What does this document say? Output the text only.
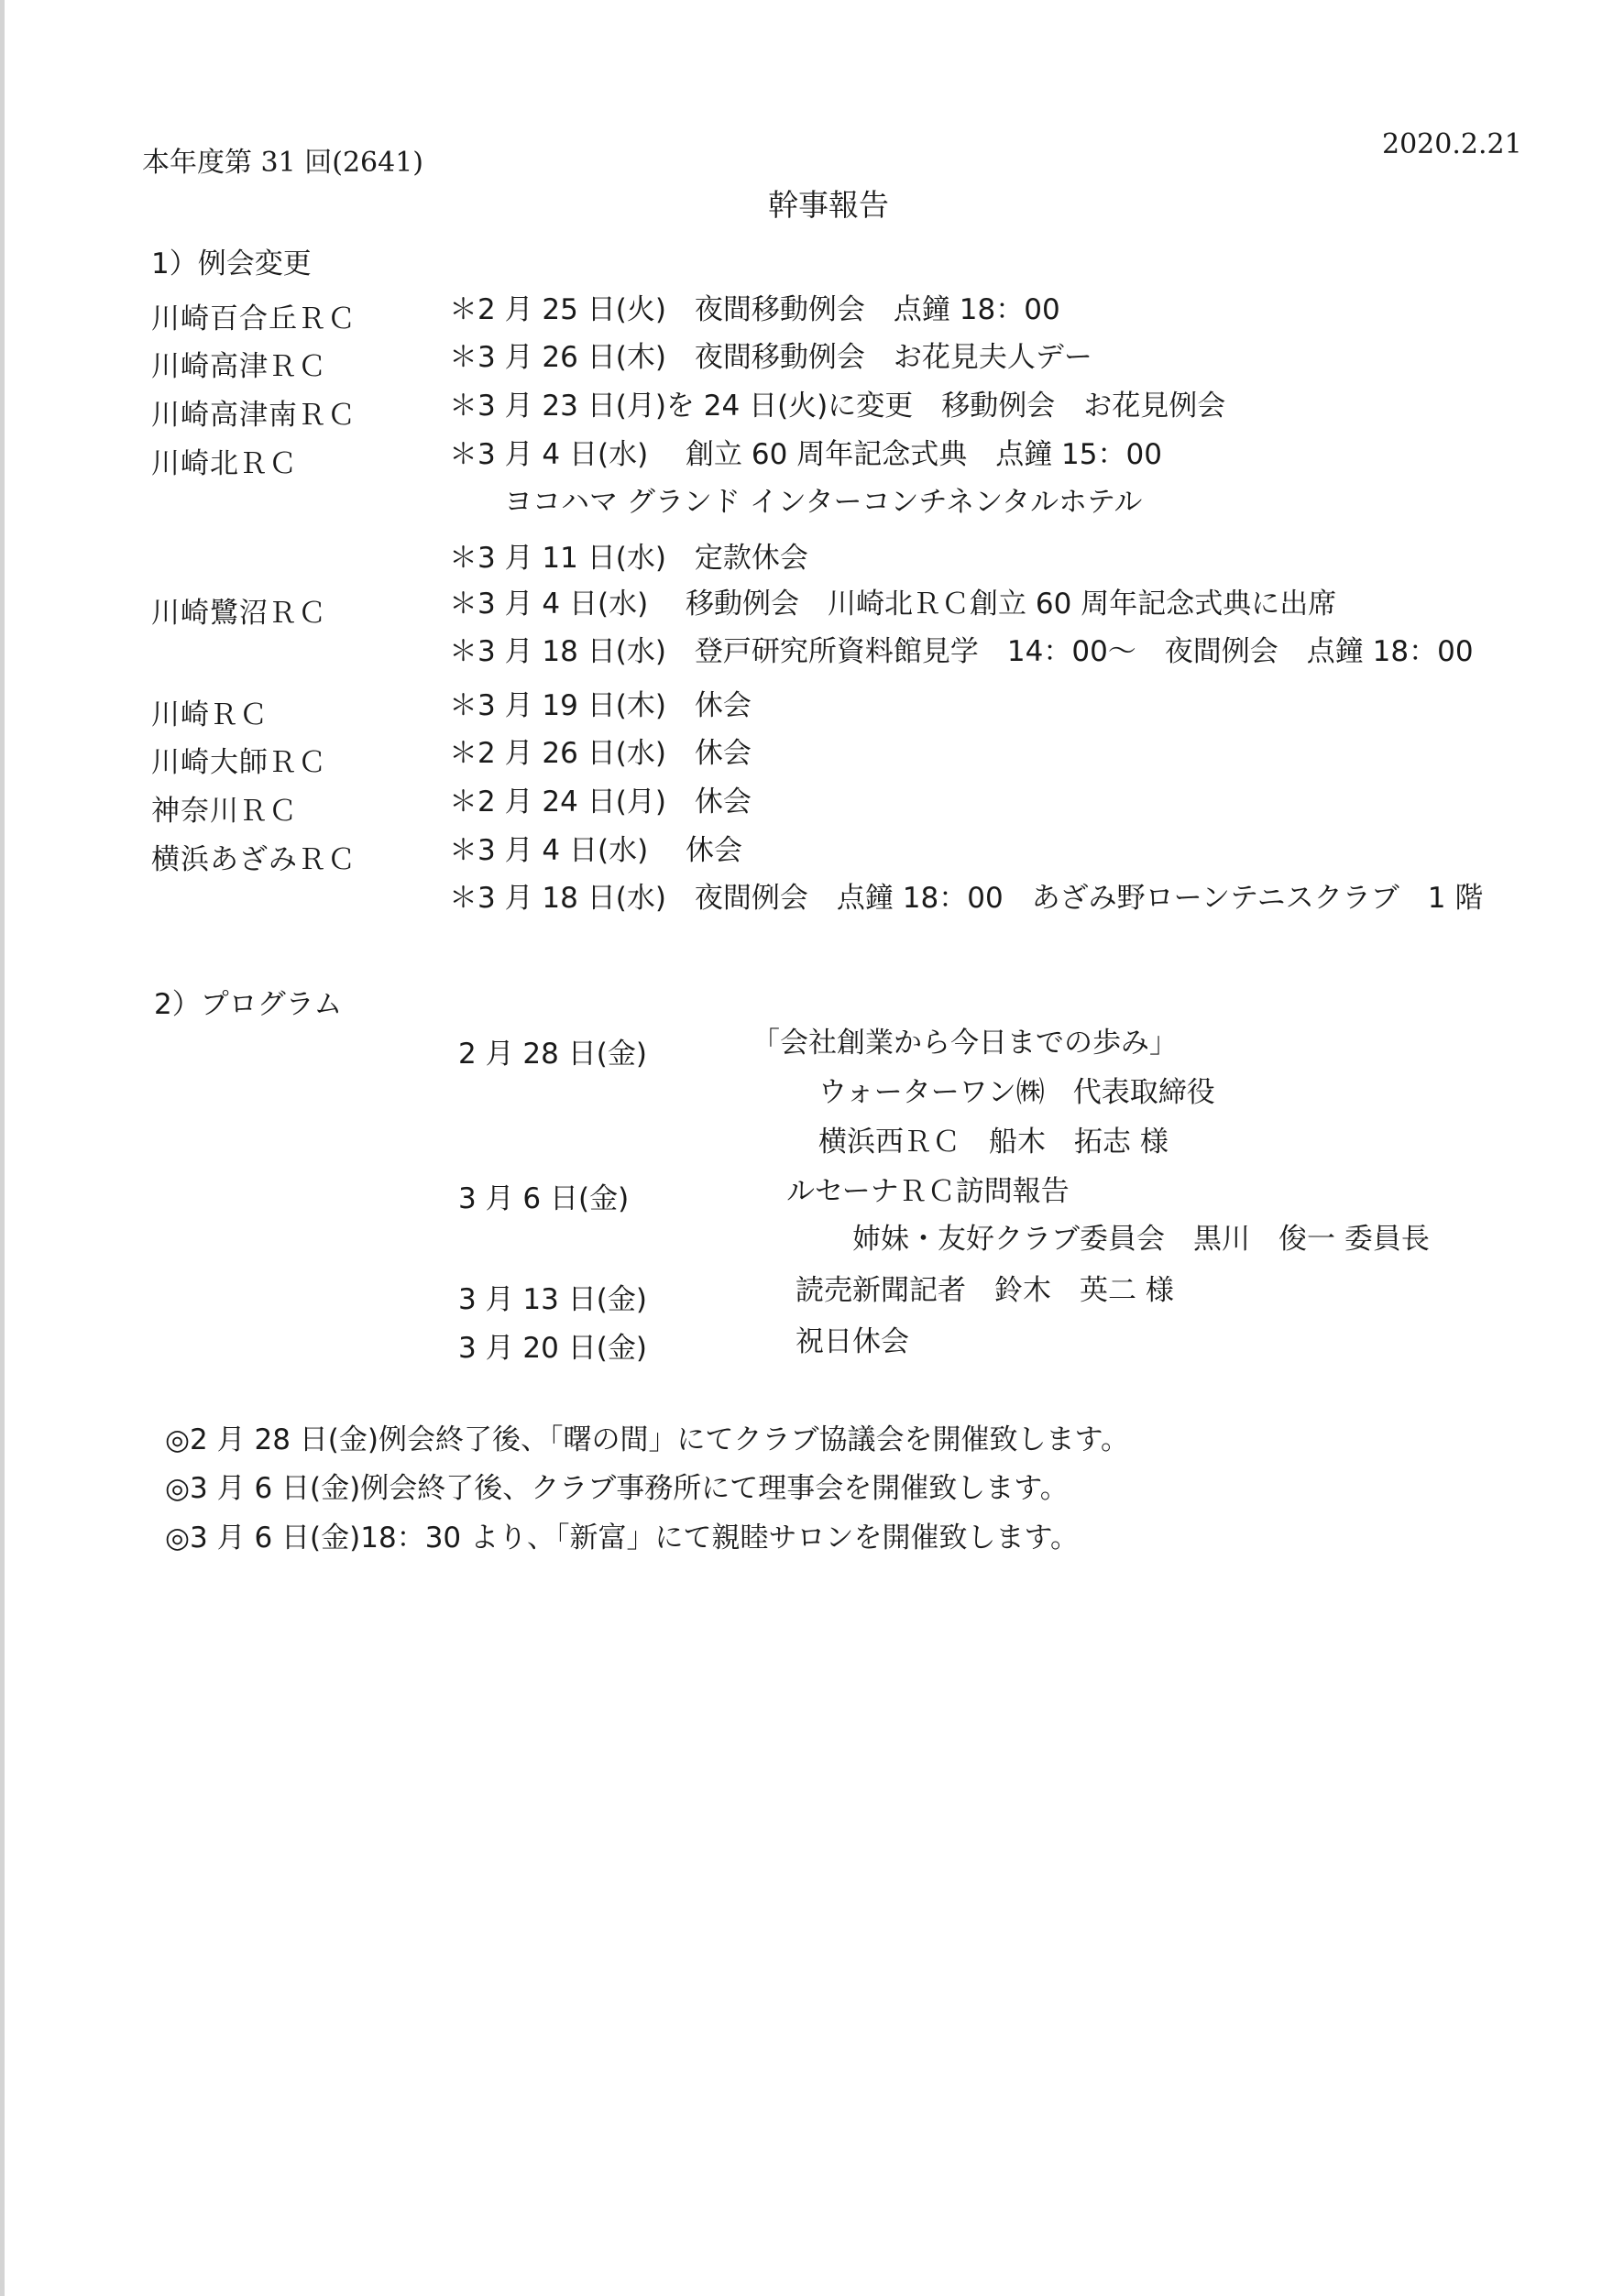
本年度第 31 回(2641)
2020.2.21
幹事報告
1）例会変更
川崎百合丘ＲＣ	＊2 月 25 日(火)　夜間移動例会　点鐘 18：00
川崎高津ＲＣ	＊3 月 26 日(木)　夜間移動例会　お花見夫人デー
川崎高津南ＲＣ	＊3 月 23 日(月)を 24 日(火)に変更　移動例会　お花見例会
川崎北ＲＣ	＊3 月 4 日(水)　 創立 60 周年記念式典　点鐘 15：00
ヨコハマ グランド インターコンチネンタルホテル
＊3 月 11 日(水)　定款休会
川崎鷺沼ＲＣ	＊3 月 4 日(水)　 移動例会　川崎北ＲＣ創立 60 周年記念式典に出席
＊3 月 18 日(水)　登戸研究所資料館見学　14：00～　夜間例会　点鐘 18：00
川崎ＲＣ	＊3 月 19 日(木)　休会
川崎大師ＲＣ	＊2 月 26 日(水)　休会
神奈川ＲＣ	＊2 月 24 日(月)　休会
横浜あざみＲＣ	＊3 月 4 日(水)　 休会
＊3 月 18 日(水)　夜間例会　点鐘 18：00　あざみ野ローンテニスクラブ　1 階
2）プログラム
2 月 28 日(金)	「会社創業から今日までの歩み」
ウォーターワン㈱　代表取締役
横浜西ＲＣ　船木　拓志 様
3 月 6 日(金)	ルセーナＲＣ訪問報告
姉妹・友好クラブ委員会　黒川　俊一 委員長
3 月 13 日(金)	読売新聞記者　鈴木　英二 様
3 月 20 日(金)	祝日休会
◎2 月 28 日(金)例会終了後、「曙の間」にてクラブ協議会を開催致します。
◎3 月 6 日(金)例会終了後、クラブ事務所にて理事会を開催致します。
◎3 月 6 日(金)18：30 より、「新富」にて親睦サロンを開催致します。
